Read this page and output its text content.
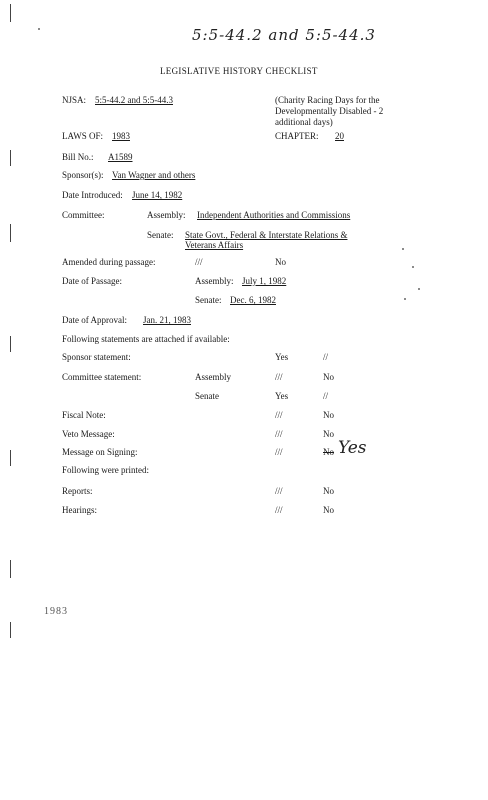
5:5-44.2 and 5:5-44.3
LEGISLATIVE HISTORY CHECKLIST
NJSA: 5:5-44.2 and 5:5-44.3	(Charity Racing Days for the Developmentally Disabled - 2 additional days)
LAWS OF: 1983	CHAPTER: 20
Bill No.: A1589
Sponsor(s): Van Wagner and others
Date Introduced: June 14, 1982
Committee:	Assembly: Independent Authorities and Commissions
Senate: State Govt., Federal & Interstate Relations &
Veterans Affairs
Amended during passage:	///	No
Date of Passage:	Assembly: July 1, 1982
Senate: Dec. 6, 1982
Date of Approval: Jan. 21, 1983
Following statements are attached if available:
Sponsor statement:	Yes	//
Committee statement:	Assembly	///	No
Senate	Yes	//
Fiscal Note:	///	No
Veto Message:	///	No
Message on Signing:	///	No Yes
Following were printed:
Reports:	///	No
Hearings:	///	No
1983
